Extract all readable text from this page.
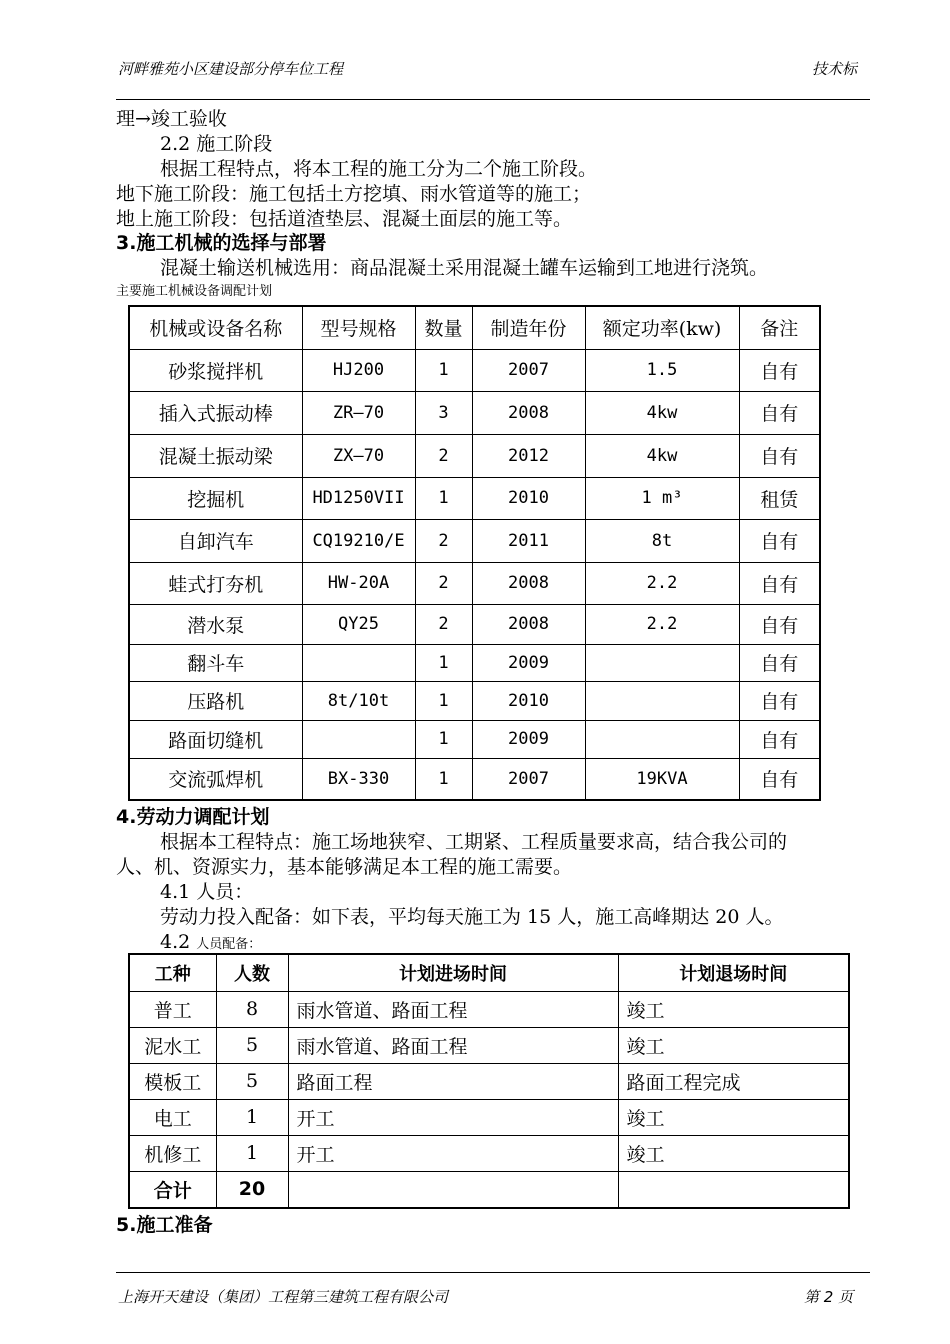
河畔雅苑小区建设部分停车位工程	技术标
理→竣工验收
2.2 施工阶段
根据工程特点，将本工程的施工分为二个施工阶段。
地下施工阶段：施工包括土方挖填、雨水管道等的施工；
地上施工阶段：包括道渣垫层、混凝土面层的施工等。
3.施工机械的选择与部署
混凝土输送机械选用：商品混凝土采用混凝土罐车运输到工地进行浇筑。
主要施工机械设备调配计划
机械或设备名称	型号规格	数量	制造年份	额定功率(kw)	备注
砂浆搅拌机	HJ200	1	2007	1.5	自有
插入式振动棒	ZR—70	3	2008	4kw	自有
混凝土振动梁	ZX—70	2	2012	4kw	自有
挖掘机	HD1250VII	1	2010	1 m³	租赁
自卸汽车	CQ19210/E	2	2011	8t	自有
蛙式打夯机	HW-20A	2	2008	2.2	自有
潜水泵	QY25	2	2008	2.2	自有
翻斗车		1	2009		自有
压路机	8t/10t	1	2010		自有
路面切缝机		1	2009		自有
交流弧焊机	BX-330	1	2007	19KVA	自有
4.劳动力调配计划
根据本工程特点：施工场地狭窄、工期紧、工程质量要求高，结合我公司的
人、机、资源实力，基本能够满足本工程的施工需要。
4.1 人员：
劳动力投入配备：如下表，平均每天施工为 15 人，施工高峰期达 20 人。
4.2 人员配备：
工种	人数	计划进场时间	计划退场时间
普工	8	雨水管道、路面工程	竣工
泥水工	5	雨水管道、路面工程	竣工
模板工	5	路面工程	路面工程完成
电工	1	开工	竣工
机修工	1	开工	竣工
合计	20		
5.施工准备
上海开天建设（集团）工程第三建筑工程有限公司	第 2 页
